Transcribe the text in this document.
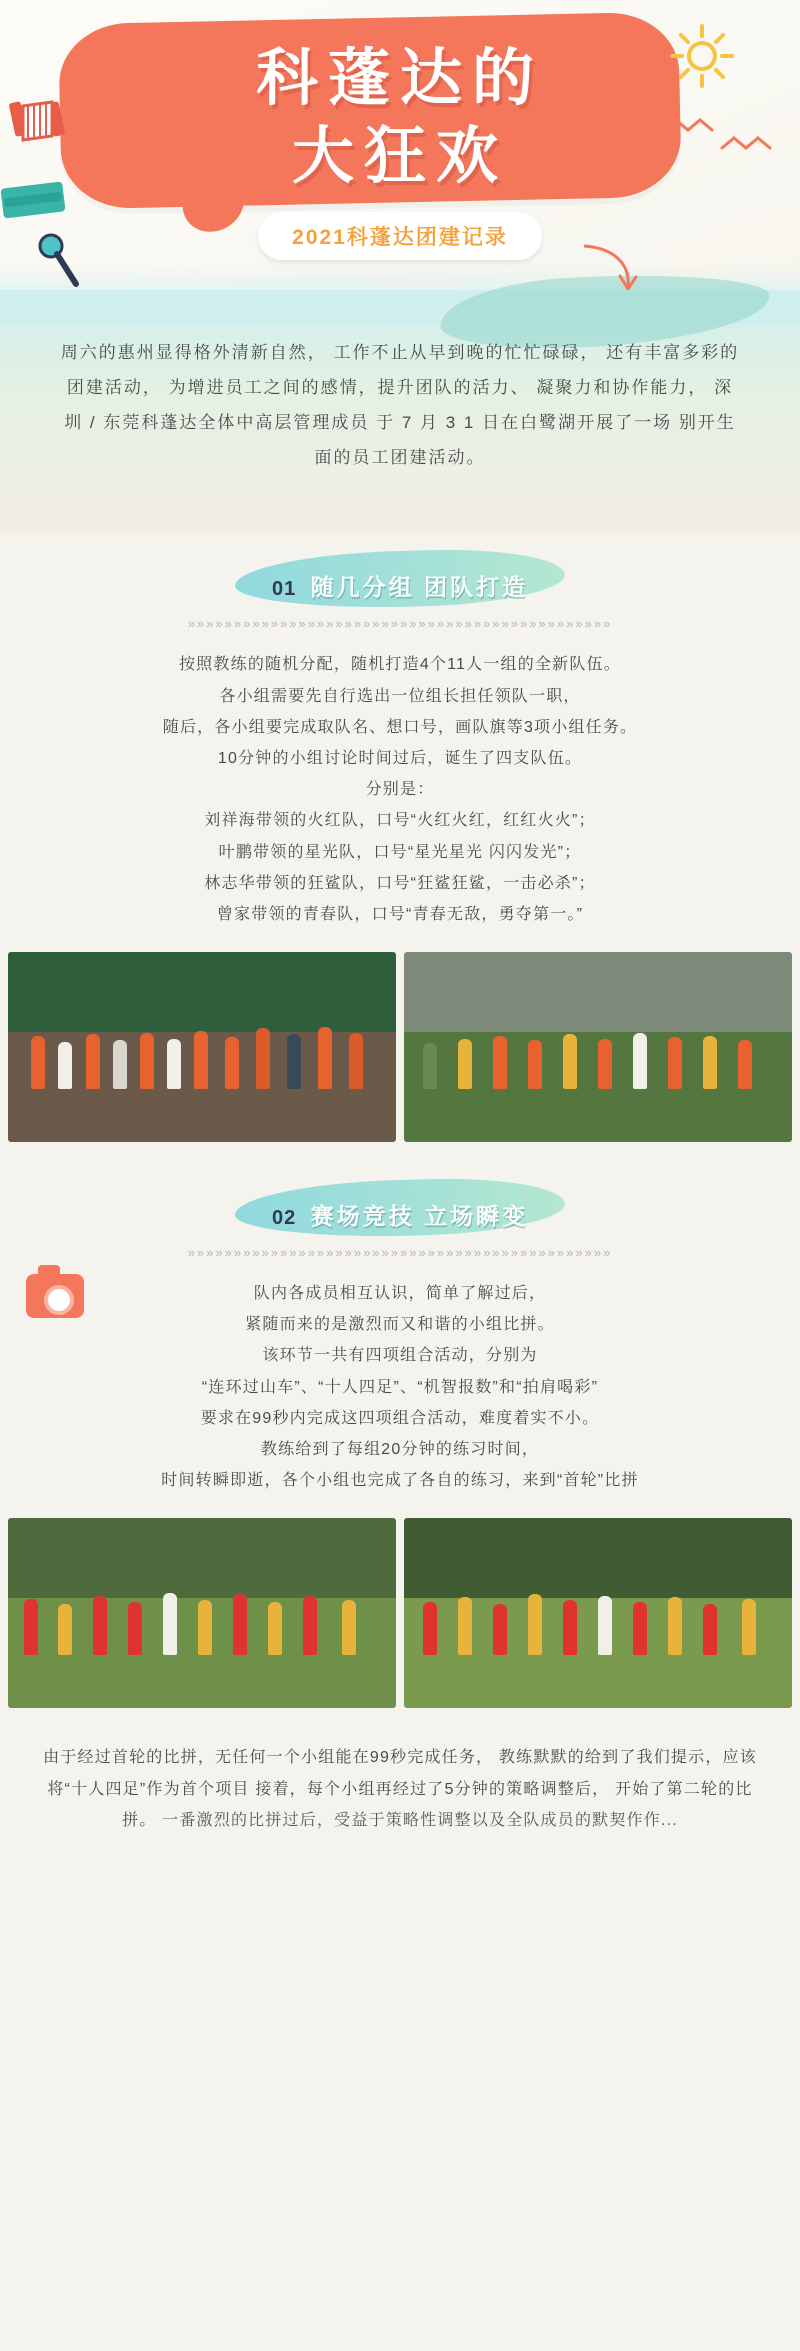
科蓬达的
大狂欢
2021科蓬达团建记录

周六的惠州显得格外清新自然， 工作不止从早到晚的忙忙碌碌， 还有丰富多彩的团建活动， 为增进员工之间的感情，提升团队的活力、 凝聚力和协作能力， 深圳 / 东莞科蓬达全体中高层管理成员 于 7 月 3 1 日在白鹭湖开展了一场 别开生面的员工团建活动。

01 随几分组 团队打造
»»»»»»»»»»»»»»»»»»»»»»»»»»»»»»»»»»»»»»»»»»»»»»
按照教练的随机分配，随机打造4个11人一组的全新队伍。
各小组需要先自行选出一位组长担任领队一职，
随后，各小组要完成取队名、想口号，画队旗等3项小组任务。
10分钟的小组讨论时间过后，诞生了四支队伍。
分别是：
刘祥海带领的火红队，口号“火红火红，红红火火”；
叶鹏带领的星光队，口号“星光星光 闪闪发光”；
林志华带领的狂鲨队，口号“狂鲨狂鲨，一击必杀”；
曾家带领的青春队，口号“青春无敌，勇夺第一。”
02 赛场竞技 立场瞬变
»»»»»»»»»»»»»»»»»»»»»»»»»»»»»»»»»»»»»»»»»»»»»»
队内各成员相互认识，简单了解过后，
紧随而来的是激烈而又和谐的小组比拼。
该环节一共有四项组合活动，分别为
“连环过山车”、“十人四足”、“机智报数”和“拍肩喝彩”
要求在99秒内完成这四项组合活动，难度着实不小。
教练给到了每组20分钟的练习时间，
时间转瞬即逝，各个小组也完成了各自的练习，来到“首轮”比拼
由于经过首轮的比拼，无任何一个小组能在99秒完成任务， 教练默默的给到了我们提示，应该将“十人四足”作为首个项目 接着，每个小组再经过了5分钟的策略调整后， 开始了第二轮的比拼。 一番激烈的比拼过后，受益于策略性调整以及全队成员的默契作作...
